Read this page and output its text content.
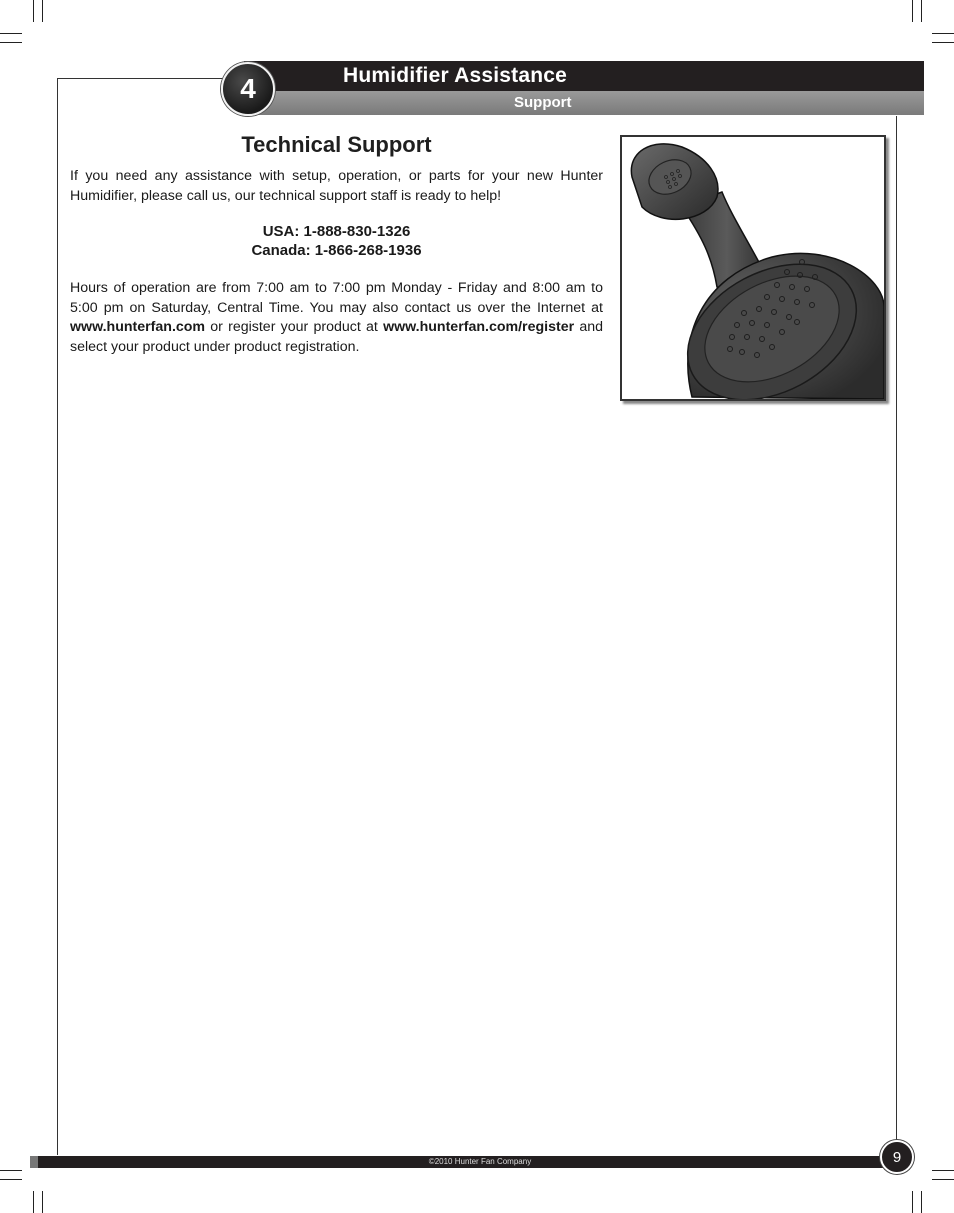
4	Humidifier Assistance
Support
Technical Support

If you need any assistance with setup, operation, or parts for your new Hunter Humidifier, please call us, our technical support staff is ready to help!

USA: 1-888-830-1326
Canada: 1-866-268-1936

Hours of operation are from 7:00 am to 7:00 pm Monday - Friday and 8:00 am to 5:00 pm on Saturday, Central Time. You may also contact us over the Internet at www.hunterfan.com or register your product at www.hunterfan.com/register and select your product under product registration.

©2010 Hunter Fan Company	9
